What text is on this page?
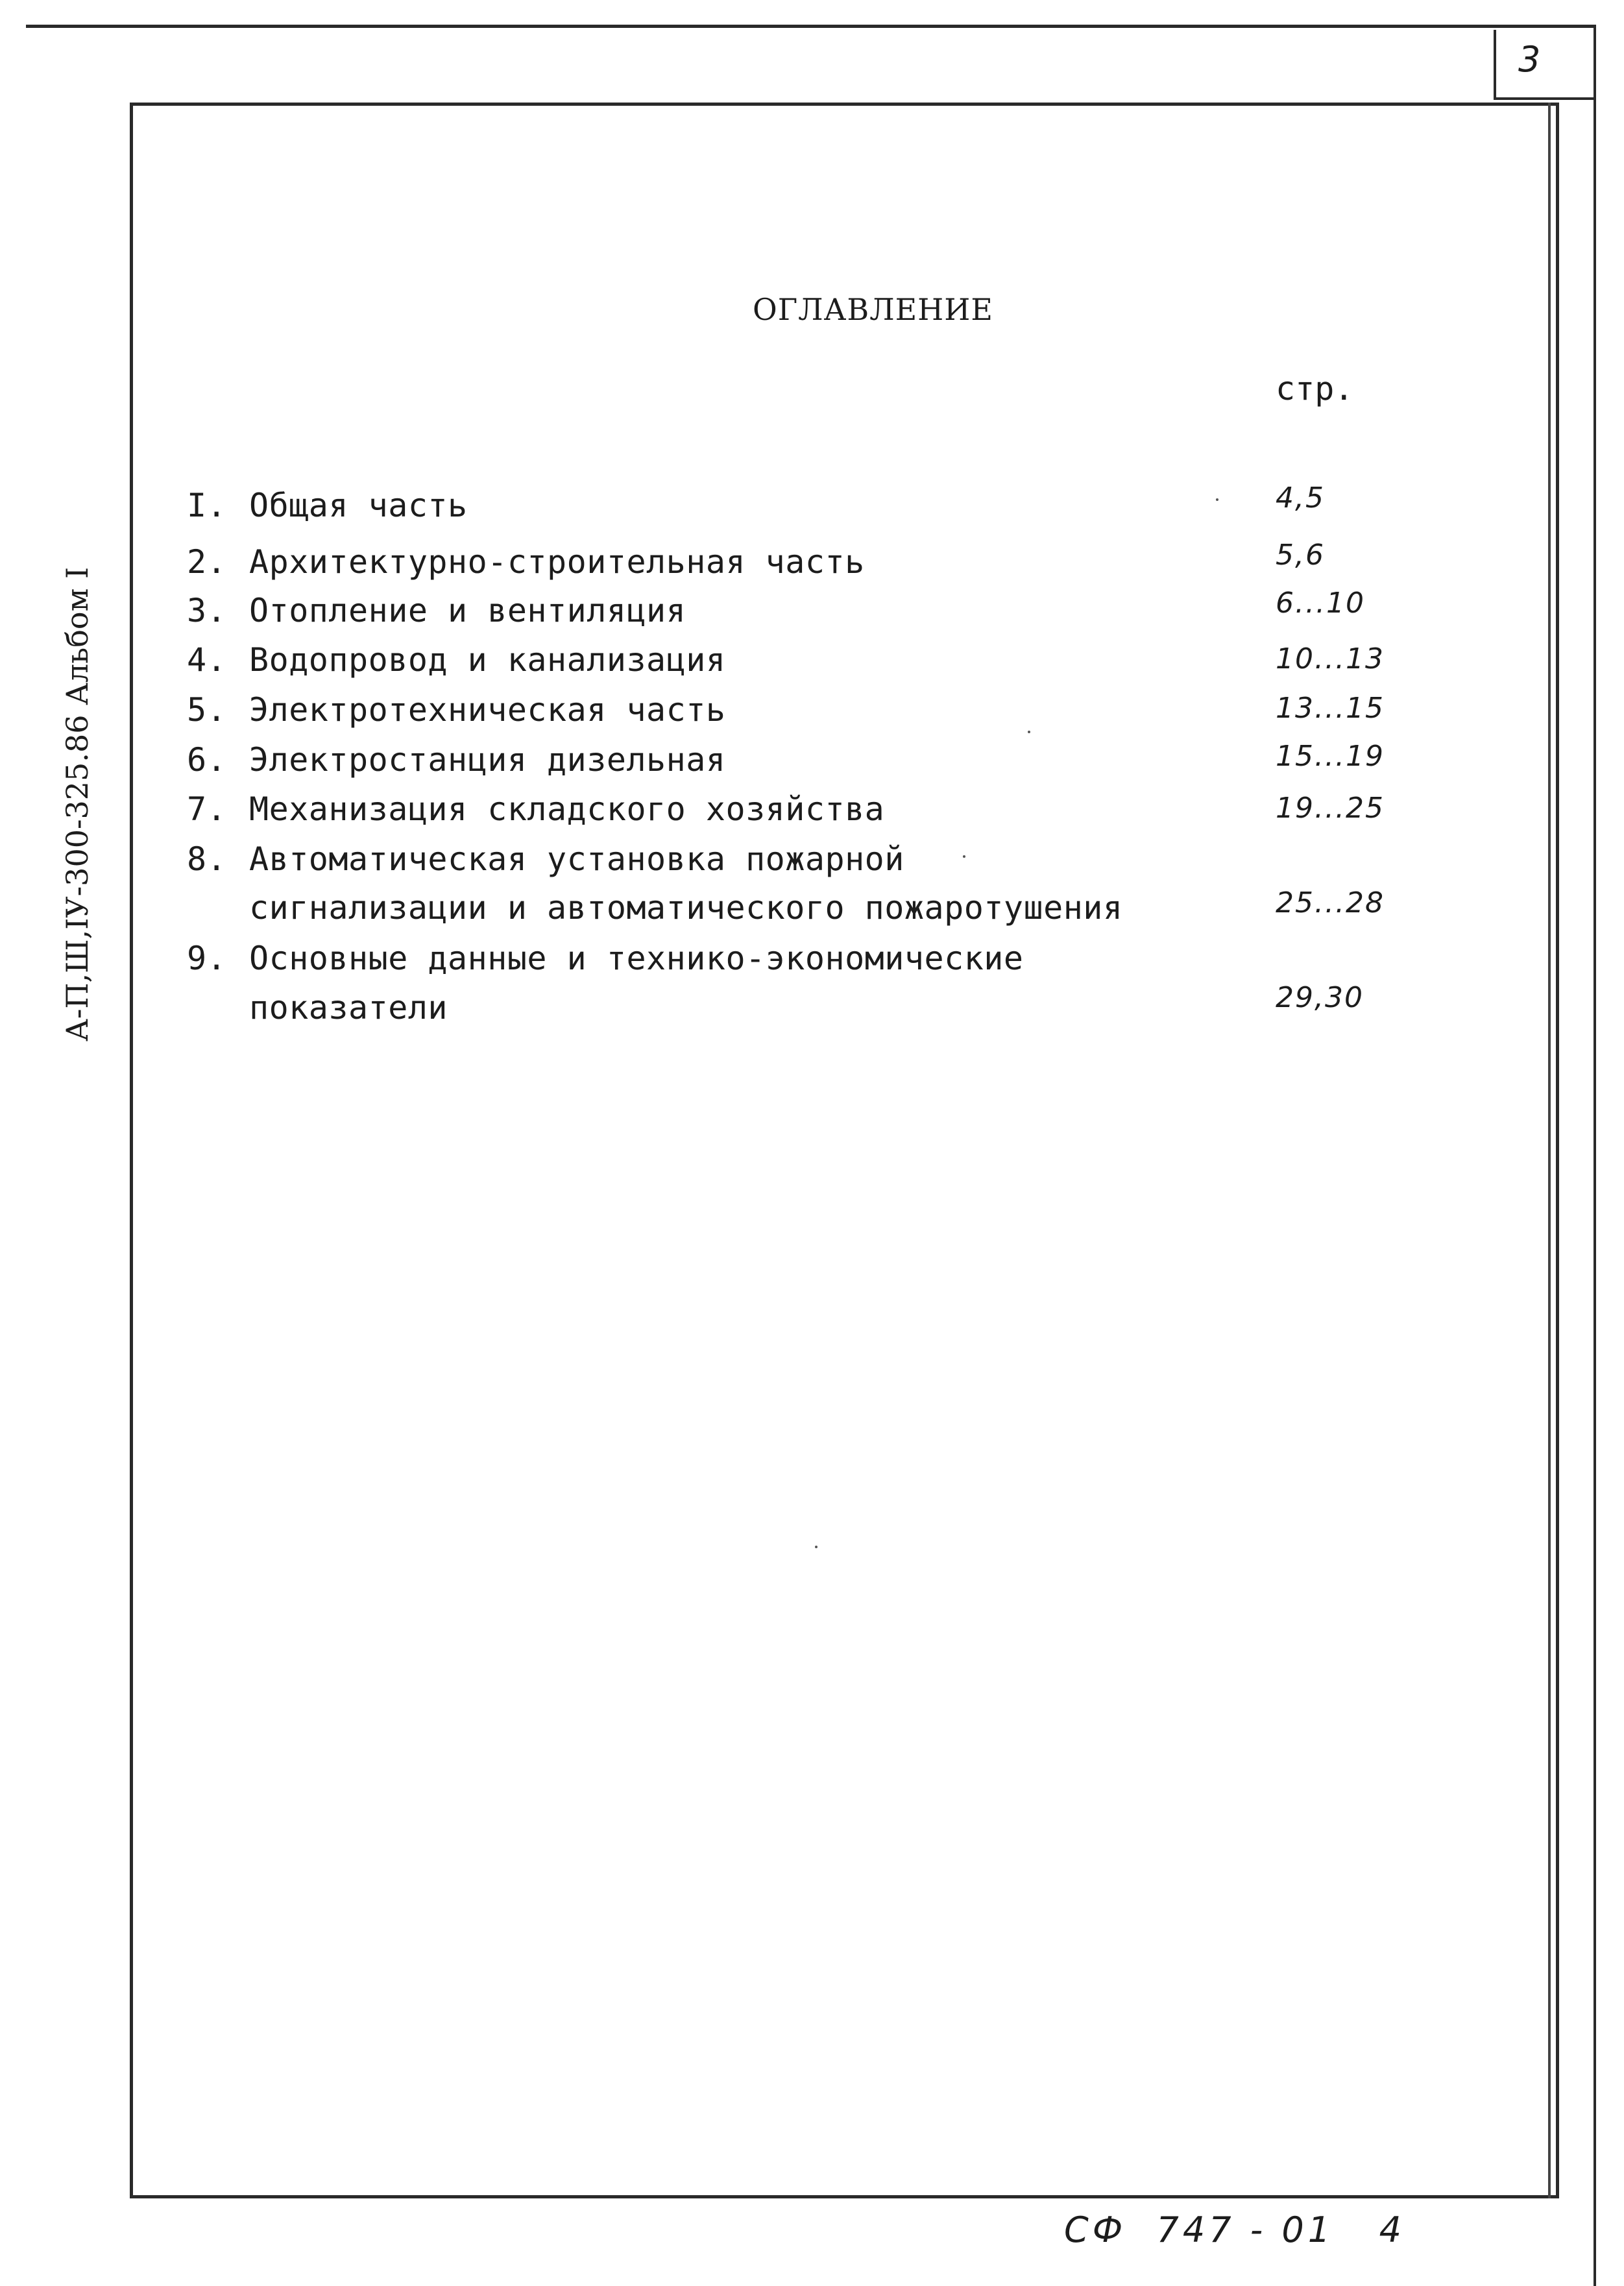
3
А-П,Ш,IУ-300-325.86 Альбом I
ОГЛАВЛЕНИЕ
стр.
I. Общая часть	4,5
2. Архитектурно-строительная часть	5,6
3. Отопление и вентиляция	6...10
4. Водопровод и канализация	10...13
5. Электротехническая часть	13...15
6. Электростанция дизельная	15...19
7. Механизация складского хозяйства	19...25
8. Автоматическая установка пожарной
сигнализации и автоматического пожаротушения	25...28
9. Основные данные и технико-экономические
показатели	29,30
СФ  747 - 01   4
